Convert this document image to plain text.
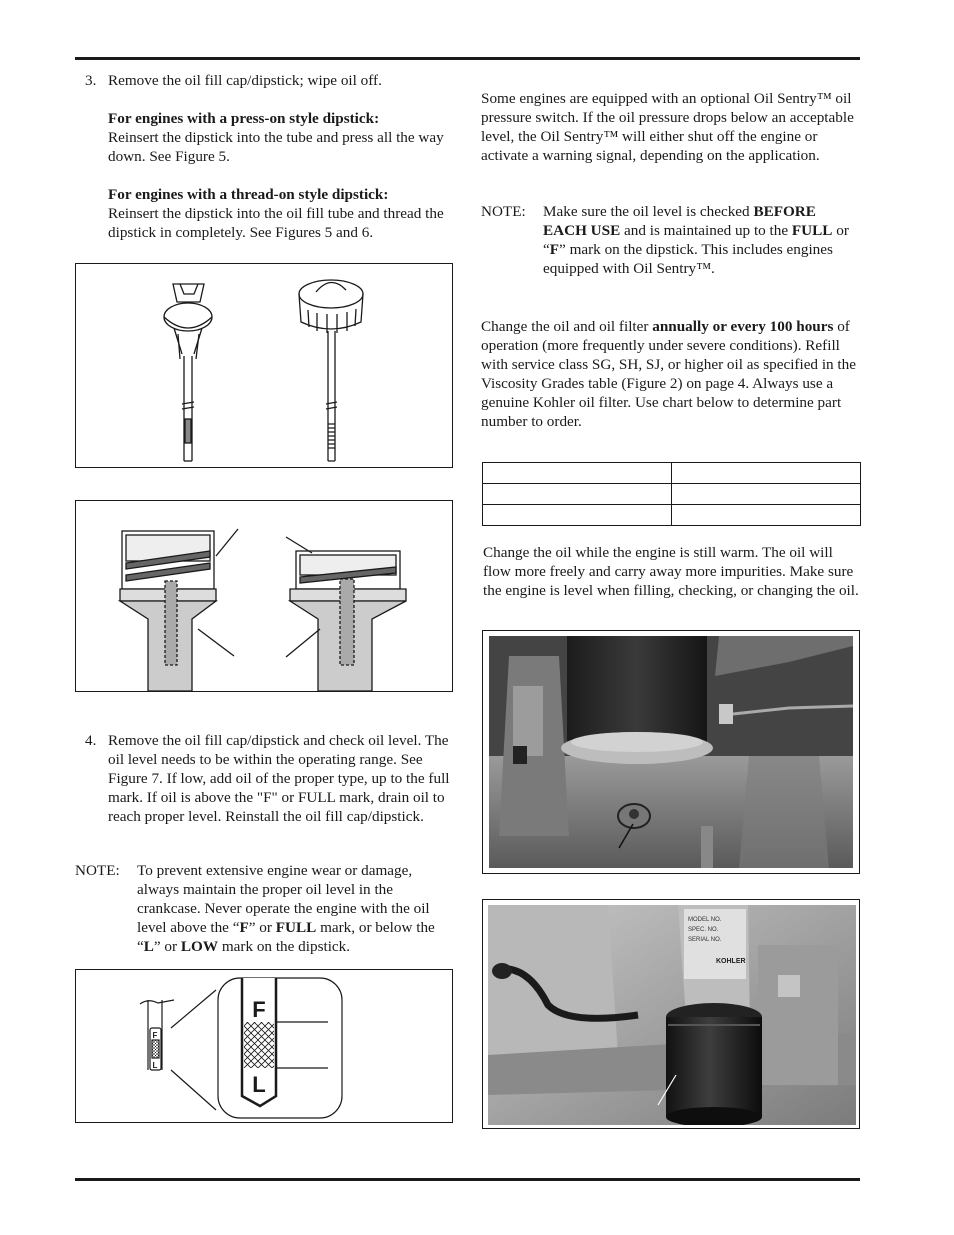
3. Remove the oil fill cap/dipstick; wipe oil off.

For engines with a press-on style dipstick:
Reinsert the dipstick into the tube and press all the way down. See Figure 5.

For engines with a thread-on style dipstick:
Reinsert the dipstick into the oil fill tube and thread the dipstick in completely. See Figures 5 and 6.

4. Remove the oil fill cap/dipstick and check oil level. The oil level needs to be within the operating range. See Figure 7. If low, add oil of the proper type, up to the full mark. If oil is above the "F" or FULL mark, drain oil to reach proper level. Reinstall the oil fill cap/dipstick.

NOTE: To prevent extensive engine wear or damage, always maintain the proper oil level in the crankcase. Never operate the engine with the oil level above the “F” or FULL mark, or below the “L” or LOW mark on the dipstick.

F
L
F
L

Some engines are equipped with an optional Oil Sentry™ oil pressure switch. If the oil pressure drops below an acceptable level, the Oil Sentry™ will either shut off the engine or activate a warning signal, depending on the application.

NOTE: Make sure the oil level is checked BEFORE EACH USE and is maintained up to the FULL or “F” mark on the dipstick. This includes engines equipped with Oil Sentry™.

Change the oil and oil filter annually or every 100 hours of operation (more frequently under severe conditions). Refill with service class SG, SH, SJ, or higher oil as specified in the Viscosity Grades table (Figure 2) on page 4. Always use a genuine Kohler oil filter. Use chart below to determine part number to order.

Change the oil while the engine is still warm. The oil will flow more freely and carry away more impurities. Make sure the engine is level when filling, checking, or changing the oil.

MODEL NO.
SPEC. NO.
SERIAL NO.
KOHLER
